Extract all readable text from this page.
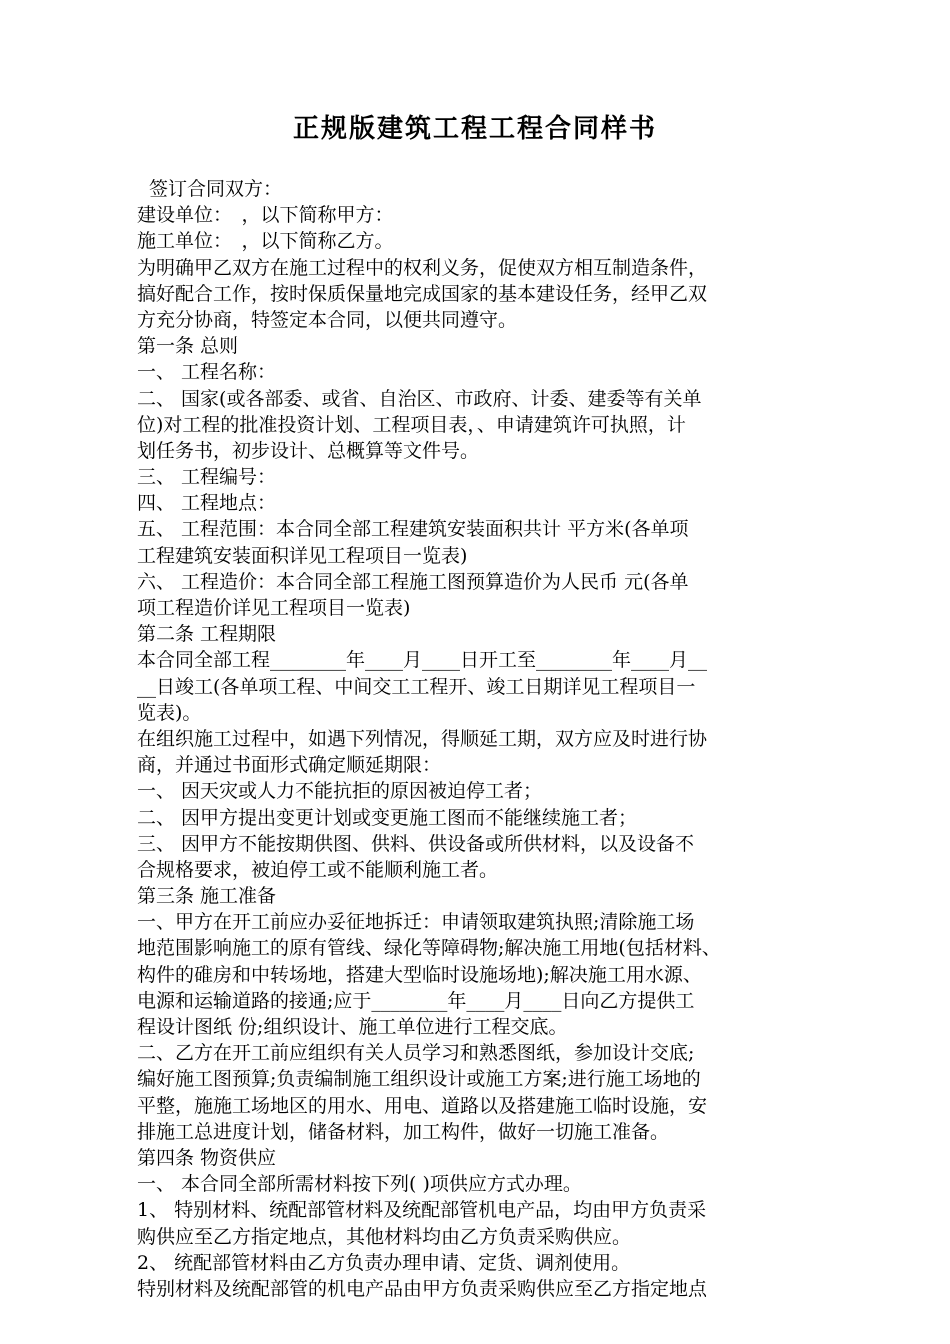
正规版建筑工程工程合同样书
签订合同双方：
建设单位：　，以下简称甲方：
施工单位：　，以下简称乙方。
为明确甲乙双方在施工过程中的权利义务，促使双方相互制造条件，
搞好配合工作，按时保质保量地完成国家的基本建设任务，经甲乙双
方充分协商，特签定本合同，以便共同遵守。
第一条 总则
一、 工程名称：
二、 国家(或各部委、或省、自治区、市政府、计委、建委等有关单
位)对工程的批准投资计划、工程项目表，、申请建筑许可执照，计
划任务书，初步设计、总概算等文件号。
三、 工程编号：
四、 工程地点：
五、 工程范围：本合同全部工程建筑安装面积共计 平方米(各单项
工程建筑安装面积详见工程项目一览表)
六、 工程造价：本合同全部工程施工图预算造价为人民币 元(各单
项工程造价详见工程项目一览表)
第二条 工程期限
本合同全部工程________年____月____日开工至________年____月__
__日竣工(各单项工程、中间交工工程开、竣工日期详见工程项目一
览表)。
在组织施工过程中，如遇下列情况，得顺延工期，双方应及时进行协
商，并通过书面形式确定顺延期限：
一、 因天灾或人力不能抗拒的原因被迫停工者；
二、 因甲方提出变更计划或变更施工图而不能继续施工者；
三、 因甲方不能按期供图、供料、供设备或所供材料，以及设备不
合规格要求，被迫停工或不能顺利施工者。
第三条 施工准备
一、甲方在开工前应办妥征地拆迁：申请领取建筑执照;清除施工场
地范围影响施工的原有管线、绿化等障碍物;解决施工用地(包括材料、
构件的碓房和中转场地，搭建大型临时设施场地);解决施工用水源、
电源和运输道路的接通;应于________年____月____日向乙方提供工
程设计图纸 份;组织设计、施工单位进行工程交底。
二、乙方在开工前应组织有关人员学习和熟悉图纸，参加设计交底;
编好施工图预算;负责编制施工组织设计或施工方案;进行施工场地的
平整，施施工场地区的用水、用电、道路以及搭建施工临时设施，安
排施工总进度计划，储备材料，加工构件，做好一切施工准备。
第四条 物资供应
一、 本合同全部所需材料按下列( )项供应方式办理。
1、 特别材料、统配部管材料及统配部管机电产品，均由甲方负责采
购供应至乙方指定地点，其他材料均由乙方负责采购供应。
2、 统配部管材料由乙方负责办理申请、定货、调剂使用。
特别材料及统配部管的机电产品由甲方负责采购供应至乙方指定地点
